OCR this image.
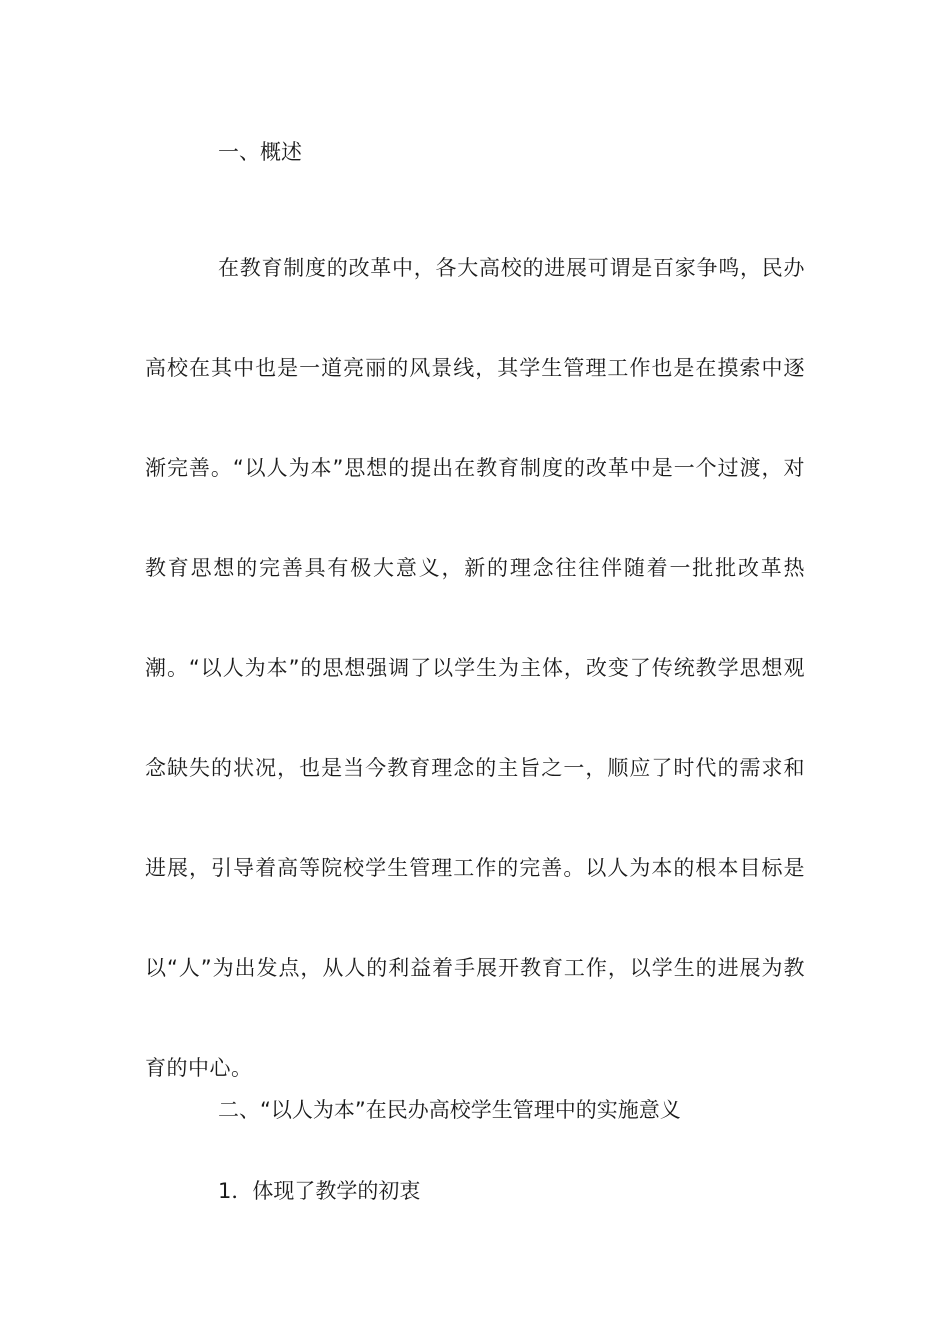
一、概述
在教育制度的改革中，各大高校的进展可谓是百家争鸣，民办高校在其中也是一道亮丽的风景线，其学生管理工作也是在摸索中逐渐完善。“以人为本”思想的提出在教育制度的改革中是一个过渡，对教育思想的完善具有极大意义，新的理念往往伴随着一批批改革热潮。“以人为本”的思想强调了以学生为主体，改变了传统教学思想观念缺失的状况，也是当今教育理念的主旨之一，顺应了时代的需求和进展，引导着高等院校学生管理工作的完善。以人为本的根本目标是以“人”为出发点，从人的利益着手展开教育工作，以学生的进展为教育的中心。
二、“以人为本”在民办高校学生管理中的实施意义
1．体现了教学的初衷
